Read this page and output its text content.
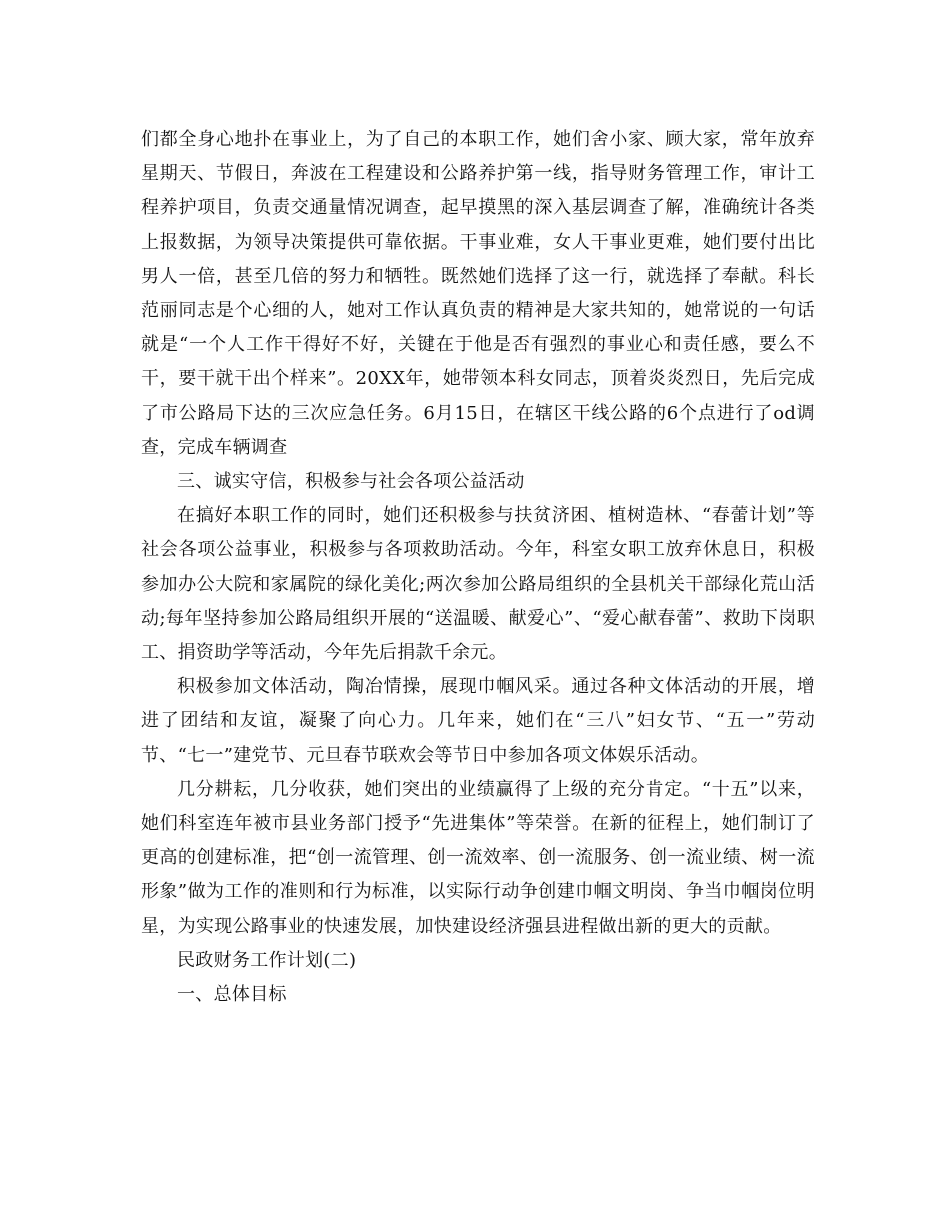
们都全身心地扑在事业上，为了自己的本职工作，她们舍小家、顾大家，常年放弃星期天、节假日，奔波在工程建设和公路养护第一线，指导财务管理工作，审计工程养护项目，负责交通量情况调查，起早摸黑的深入基层调查了解，准确统计各类上报数据，为领导决策提供可靠依据。干事业难，女人干事业更难，她们要付出比男人一倍，甚至几倍的努力和牺牲。既然她们选择了这一行，就选择了奉献。科长范丽同志是个心细的人，她对工作认真负责的精神是大家共知的，她常说的一句话就是“一个人工作干得好不好，关键在于他是否有强烈的事业心和责任感，要么不干，要干就干出个样来”。20XX年，她带领本科女同志，顶着炎炎烈日，先后完成了市公路局下达的三次应急任务。6月15日，在辖区干线公路的6个点进行了od调查，完成车辆调查

三、诚实守信，积极参与社会各项公益活动

在搞好本职工作的同时，她们还积极参与扶贫济困、植树造林、“春蕾计划”等社会各项公益事业，积极参与各项救助活动。今年，科室女职工放弃休息日，积极参加办公大院和家属院的绿化美化;两次参加公路局组织的全县机关干部绿化荒山活动;每年坚持参加公路局组织开展的“送温暖、献爱心”、“爱心献春蕾”、救助下岗职工、捐资助学等活动，今年先后捐款千余元。

积极参加文体活动，陶冶情操，展现巾帼风采。通过各种文体活动的开展，增进了团结和友谊，凝聚了向心力。几年来，她们在“三八”妇女节、“五一”劳动节、“七一”建党节、元旦春节联欢会等节日中参加各项文体娱乐活动。

几分耕耘，几分收获，她们突出的业绩赢得了上级的充分肯定。“十五”以来，她们科室连年被市县业务部门授予“先进集体”等荣誉。在新的征程上，她们制订了更高的创建标准，把“创一流管理、创一流效率、创一流服务、创一流业绩、树一流形象”做为工作的准则和行为标准，以实际行动争创建巾帼文明岗、争当巾帼岗位明星，为实现公路事业的快速发展，加快建设经济强县进程做出新的更大的贡献。

民政财务工作计划(二)

一、总体目标
